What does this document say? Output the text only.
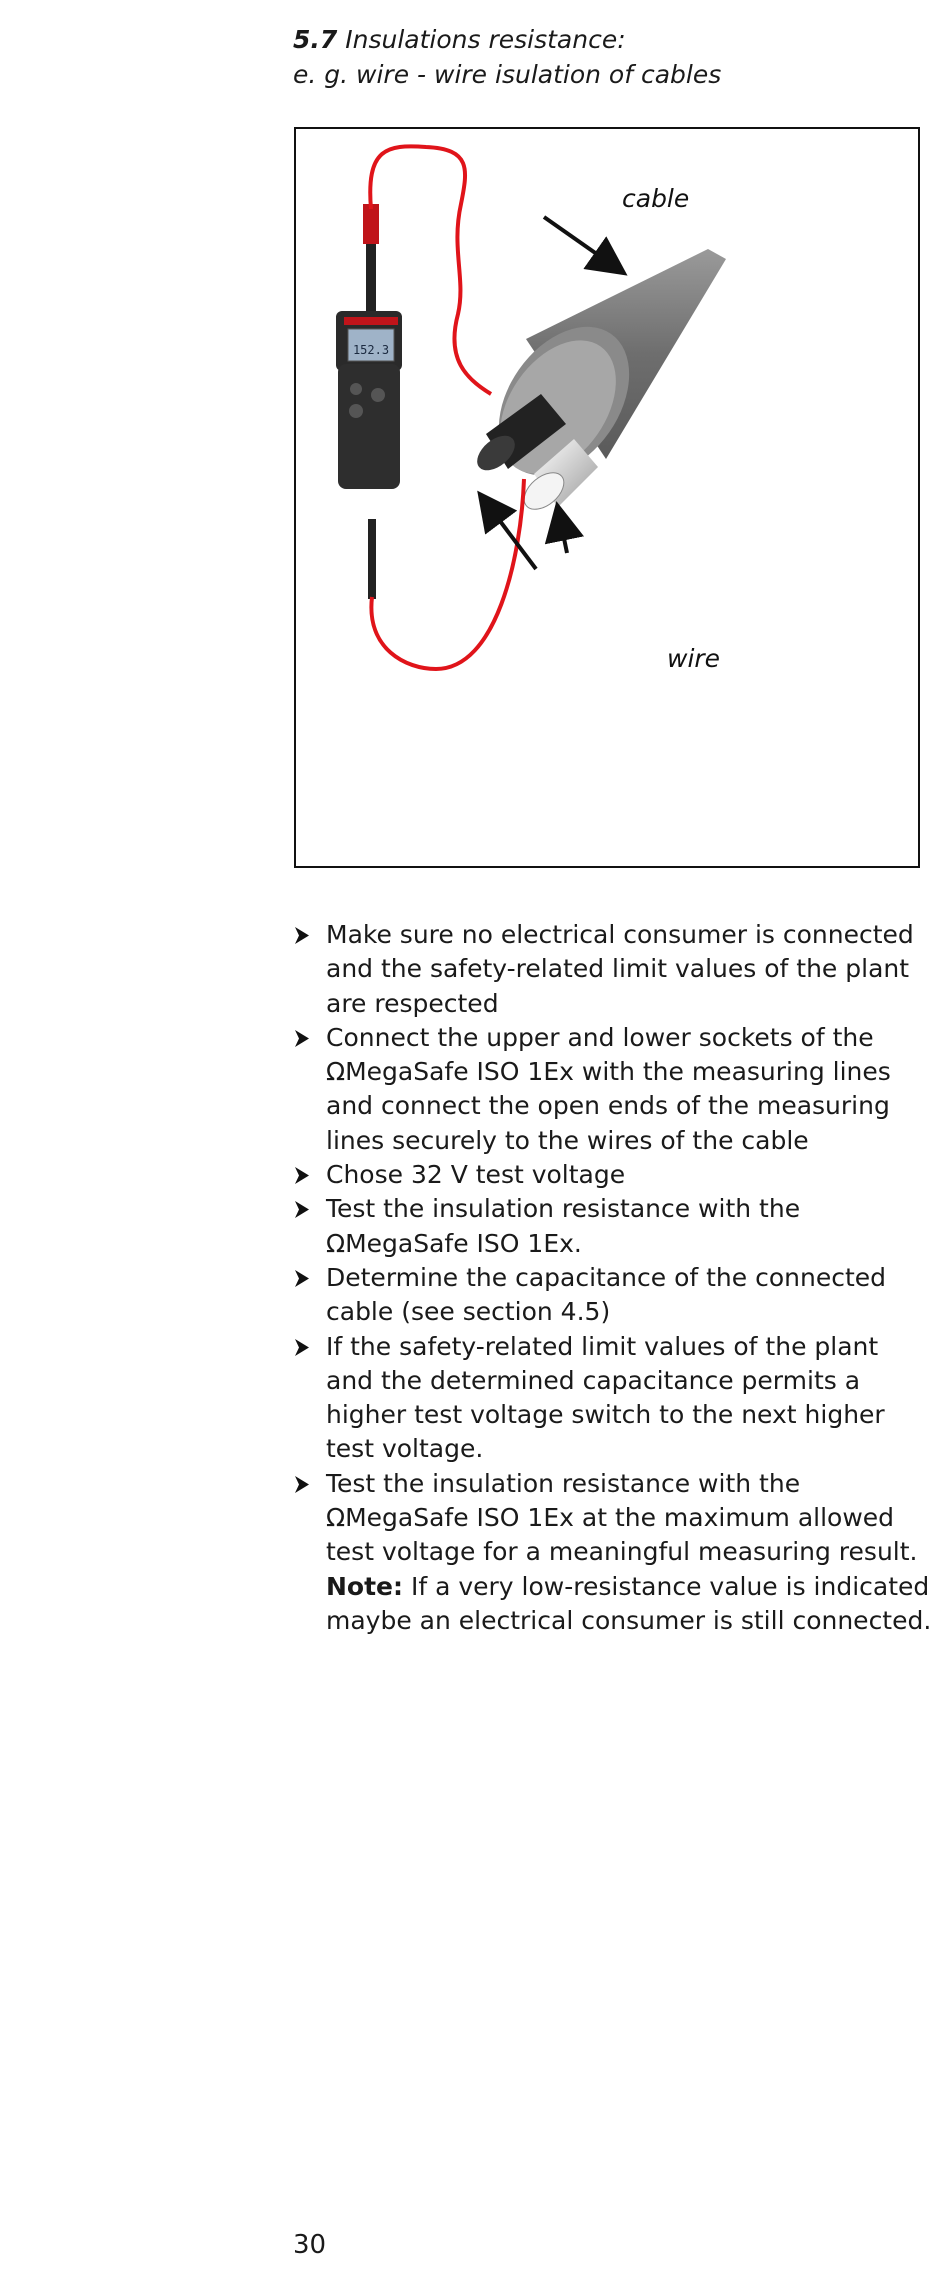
5.7 Insulations resistance:
e. g. wire - wire isulation of cables
152.3
cable
wire
Make sure no electrical consumer is connected and the safety-related limit values of the plant are respected
Connect the upper and lower sockets of the ΩMegaSafe ISO 1Ex with the measuring lines and connect the open ends of the measuring lines securely to the wires of the cable
Chose 32 V test voltage
Test the insulation resistance with the ΩMegaSafe ISO 1Ex.
Determine the capacitance of the connected cable (see section 4.5)
If the safety-related limit values of the plant and the determined capacitance permits a higher test voltage switch to the next higher test voltage.
Test the insulation resistance with the ΩMegaSafe ISO 1Ex at the maximum allowed test voltage for a meaningful measuring result.
Note: If a very low-resistance value is indicated maybe an electrical consumer is still connected.
30
